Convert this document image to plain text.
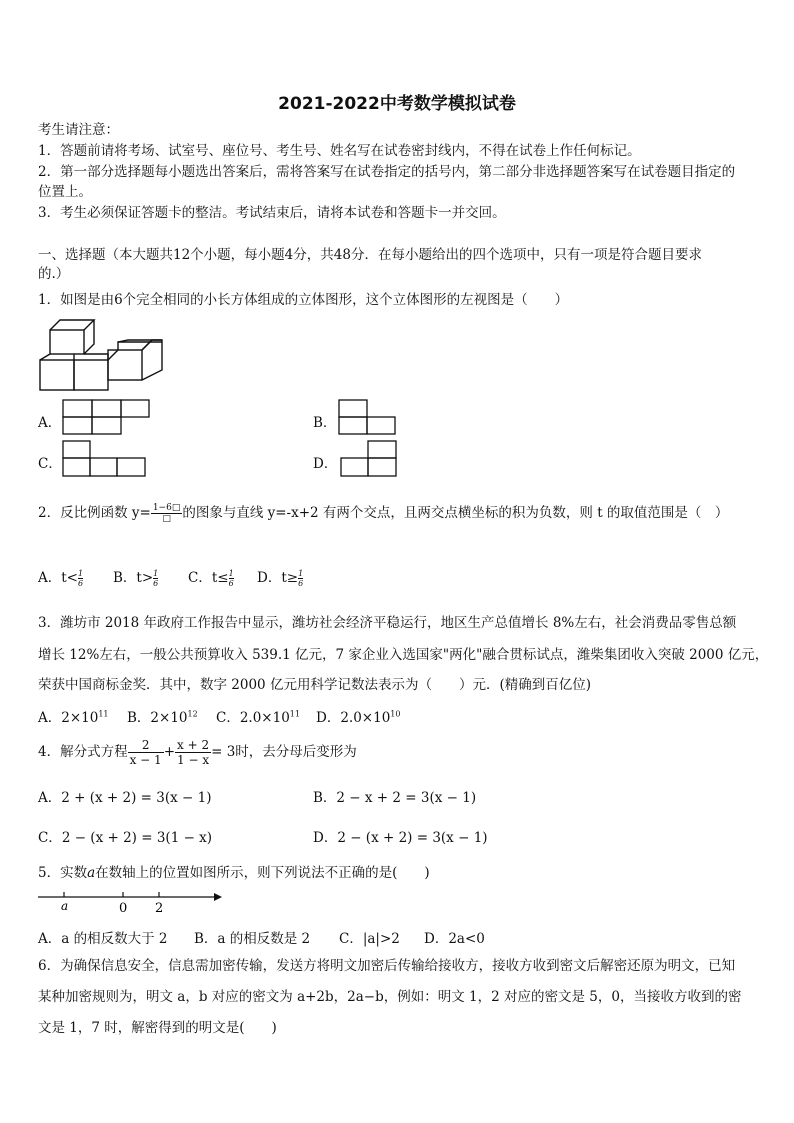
2021-2022中考数学模拟试卷
考生请注意：
1．答题前请将考场、试室号、座位号、考生号、姓名写在试卷密封线内，不得在试卷上作任何标记。
2．第一部分选择题每小题选出答案后，需将答案写在试卷指定的括号内，第二部分非选择题答案写在试卷题目指定的
位置上。
3．考生必须保证答题卡的整洁。考试结束后，请将本试卷和答题卡一并交回。
一、选择题（本大题共12个小题，每小题4分，共48分．在每小题给出的四个选项中，只有一项是符合题目要求
的.）
1．如图是由6个完全相同的小长方体组成的立体图形，这个立体图形的左视图是（　　）
A．	B．
C．	D．
2．反比例函数 $y= \frac{1-6□}{□}$ 的图象与直线 y=-x+2 有两个交点，且两交点横坐标的积为负数，则 t 的取值范围是（　）
A．$t< \frac{1}{6}$ B．$t> \frac{1}{6}$ C．$t\le \frac{1}{6}$ D．$t\ge \frac{1}{6}$
3．潍坊市 2018 年政府工作报告中显示，潍坊社会经济平稳运行，地区生产总值增长 8%左右，社会消费品零售总额
增长 12%左右，一般公共预算收入 539.1 亿元，7 家企业入选国家"两化"融合贯标试点，潍柴集团收入突破 2000 亿元，
荣获中国商标金奖．其中，数字 2000 亿元用科学记数法表示为（　　）元．(精确到百亿位)
A．$2\times 10^{11}$ B．$2\times 10^{12}$ C．$2.0\times 10^{11}$ D．$2.0\times 10^{10}$
4．解分式方程 $\frac{2}{x - 1} + \frac{x + 2}{1 - x} = 3$时，去分母后变形为
A．2 + (x + 2) = 3(x − 1)	B．2 − x + 2 = 3(x − 1)
C．2 − (x + 2) = 3(1 − x)	D．2 − (x + 2) = 3(x − 1)
5．实数a在数轴上的位置如图所示，则下列说法不正确的是(　　)
a	0 2
A．a 的相反数大于 2 B．a 的相反数是 2 C．|a|>2 D．2a<0
6．为确保信息安全，信息需加密传输，发送方将明文加密后传输给接收方，接收方收到密文后解密还原为明文，已知
某种加密规则为，明文 a，b 对应的密文为 a+2b，2a−b，例如：明文 1，2 对应的密文是 5，0，当接收方收到的密
文是 1，7 时，解密得到的明文是(　　)
